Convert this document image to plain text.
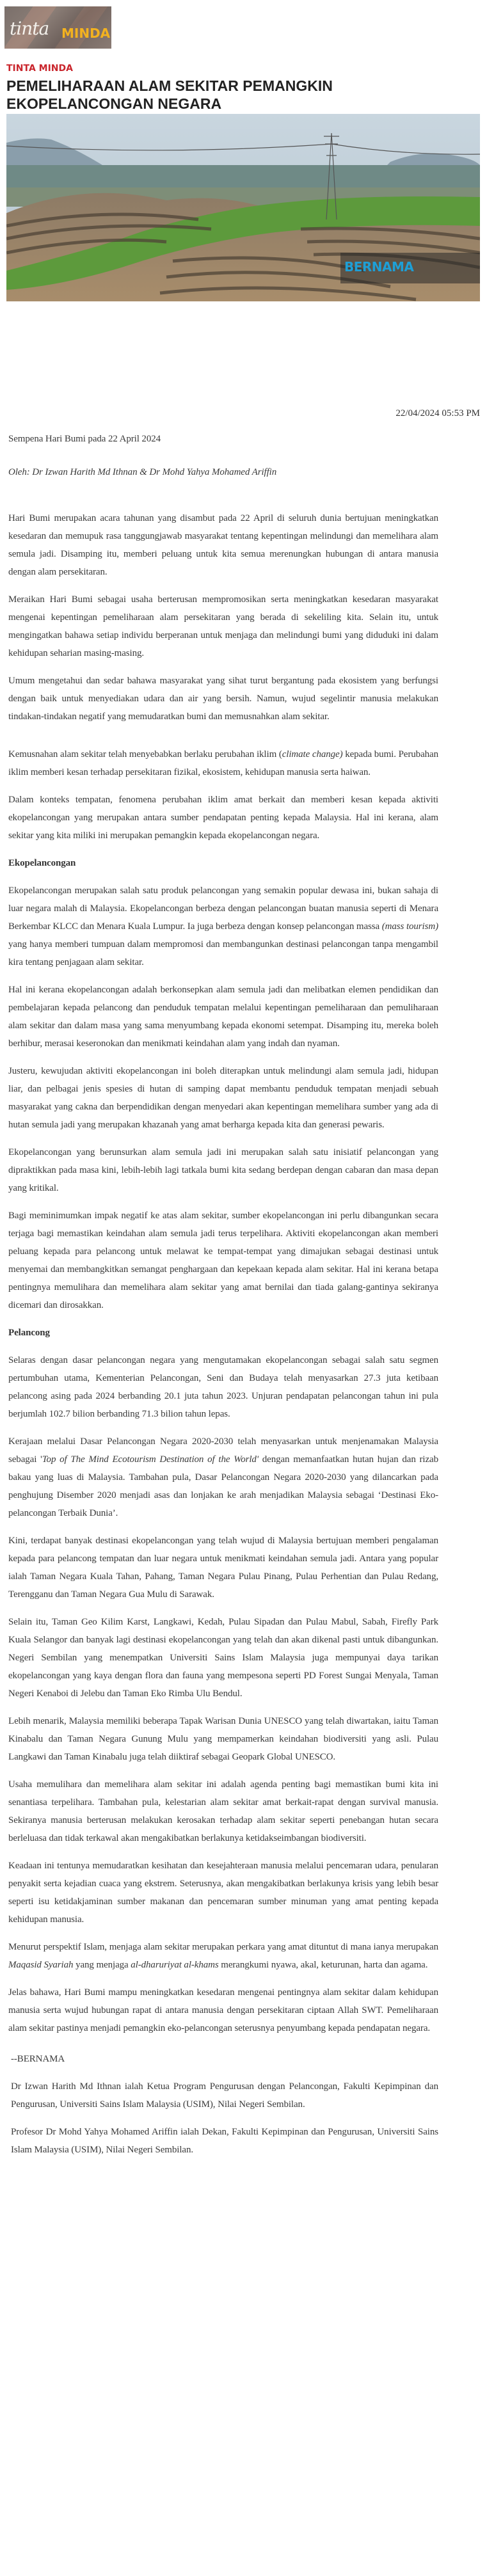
tinta MINDA
TINTA MINDA
PEMELIHARAAN ALAM SEKITAR PEMANGKIN EKOPELANCONGAN NEGARA
BERNAMA
22/04/2024 05:53 PM

Sempena Hari Bumi pada 22 April 2024

Oleh: Dr Izwan Harith Md Ithnan & Dr Mohd Yahya Mohamed Ariffin

Hari Bumi merupakan acara tahunan yang disambut pada 22 April di seluruh dunia bertujuan meningkatkan kesedaran dan memupuk rasa tanggungjawab masyarakat tentang kepentingan melindungi dan memelihara alam semula jadi. Disamping itu, memberi peluang untuk kita semua merenungkan hubungan di antara manusia dengan alam persekitaran.

Meraikan Hari Bumi sebagai usaha berterusan mempromosikan serta meningkatkan kesedaran masyarakat mengenai kepentingan pemeliharaan alam persekitaran yang berada di sekeliling kita. Selain itu, untuk mengingatkan bahawa setiap individu berperanan untuk menjaga dan melindungi bumi yang diduduki ini dalam kehidupan seharian masing-masing.

Umum mengetahui dan sedar bahawa masyarakat yang sihat turut bergantung pada ekosistem yang berfungsi dengan baik untuk menyediakan udara dan air yang bersih. Namun, wujud segelintir manusia melakukan tindakan-tindakan negatif yang memudaratkan bumi dan memusnahkan alam sekitar.

Kemusnahan alam sekitar telah menyebabkan berlaku perubahan iklim (climate change) kepada bumi. Perubahan iklim memberi kesan terhadap persekitaran fizikal, ekosistem, kehidupan manusia serta haiwan.

Dalam konteks tempatan, fenomena perubahan iklim amat berkait dan memberi kesan kepada aktiviti ekopelancongan yang merupakan antara sumber pendapatan penting kepada Malaysia. Hal ini kerana, alam sekitar yang kita miliki ini merupakan pemangkin kepada ekopelancongan negara.

Ekopelancongan

Ekopelancongan merupakan salah satu produk pelancongan yang semakin popular dewasa ini, bukan sahaja di luar negara malah di Malaysia. Ekopelancongan berbeza dengan pelancongan buatan manusia seperti di Menara Berkembar KLCC dan Menara Kuala Lumpur. Ia juga berbeza dengan konsep pelancongan massa (mass tourism) yang hanya memberi tumpuan dalam mempromosi dan membangunkan destinasi pelancongan tanpa mengambil kira tentang penjagaan alam sekitar.

Hal ini kerana ekopelancongan adalah berkonsepkan alam semula jadi dan melibatkan elemen pendidikan dan pembelajaran kepada pelancong dan penduduk tempatan melalui kepentingan pemeliharaan dan pemuliharaan alam sekitar dan dalam masa yang sama menyumbang kepada ekonomi setempat. Disamping itu, mereka boleh berhibur, merasai keseronokan dan menikmati keindahan alam yang indah dan nyaman.

Justeru, kewujudan aktiviti ekopelancongan ini boleh diterapkan untuk melindungi alam semula jadi, hidupan liar, dan pelbagai jenis spesies di hutan di samping dapat membantu penduduk tempatan menjadi sebuah masyarakat yang cakna dan berpendidikan dengan menyedari akan kepentingan memelihara sumber yang ada di hutan semula jadi yang merupakan khazanah yang amat berharga kepada kita dan generasi pewaris.

Ekopelancongan yang berunsurkan alam semula jadi ini merupakan salah satu inisiatif pelancongan yang dipraktikkan pada masa kini, lebih-lebih lagi tatkala bumi kita sedang berdepan dengan cabaran dan masa depan yang kritikal.

Bagi meminimumkan impak negatif ke atas alam sekitar, sumber ekopelancongan ini perlu dibangunkan secara terjaga bagi memastikan keindahan alam semula jadi terus terpelihara. Aktiviti ekopelancongan akan memberi peluang kepada para pelancong untuk melawat ke tempat-tempat yang dimajukan sebagai destinasi untuk menyemai dan membangkitkan semangat penghargaan dan kepekaan kepada alam sekitar. Hal ini kerana betapa pentingnya memulihara dan memelihara alam sekitar yang amat bernilai dan tiada galang-gantinya sekiranya dicemari dan dirosakkan.

Pelancong

Selaras dengan dasar pelancongan negara yang mengutamakan ekopelancongan sebagai salah satu segmen pertumbuhan utama, Kementerian Pelancongan, Seni dan Budaya telah menyasarkan 27.3 juta ketibaan pelancong asing pada 2024 berbanding 20.1 juta tahun 2023. Unjuran pendapatan pelancongan tahun ini pula berjumlah 102.7 bilion berbanding 71.3 bilion tahun lepas.

Kerajaan melalui Dasar Pelancongan Negara 2020-2030 telah menyasarkan untuk menjenamakan Malaysia sebagai 'Top of The Mind Ecotourism Destination of the World' dengan memanfaatkan hutan hujan dan rizab bakau yang luas di Malaysia. Tambahan pula, Dasar Pelancongan Negara 2020-2030 yang dilancarkan pada penghujung Disember 2020 menjadi asas dan lonjakan ke arah menjadikan Malaysia sebagai ‘Destinasi Eko-pelancongan Terbaik Dunia’.

Kini, terdapat banyak destinasi ekopelancongan yang telah wujud di Malaysia bertujuan memberi pengalaman kepada para pelancong tempatan dan luar negara untuk menikmati keindahan semula jadi. Antara yang popular ialah Taman Negara Kuala Tahan, Pahang, Taman Negara Pulau Pinang, Pulau Perhentian dan Pulau Redang, Terengganu dan Taman Negara Gua Mulu di Sarawak.

Selain itu, Taman Geo Kilim Karst, Langkawi, Kedah, Pulau Sipadan dan Pulau Mabul, Sabah, Firefly Park Kuala Selangor dan banyak lagi destinasi ekopelancongan yang telah dan akan dikenal pasti untuk dibangunkan. Negeri Sembilan yang menempatkan Universiti Sains Islam Malaysia juga mempunyai daya tarikan ekopelancongan yang kaya dengan flora dan fauna yang mempesona seperti PD Forest Sungai Menyala, Taman Negeri Kenaboi di Jelebu dan Taman Eko Rimba Ulu Bendul.

Lebih menarik, Malaysia memiliki beberapa Tapak Warisan Dunia UNESCO yang telah diwartakan, iaitu Taman Kinabalu dan Taman Negara Gunung Mulu yang mempamerkan keindahan biodiversiti yang asli. Pulau Langkawi dan Taman Kinabalu juga telah diiktiraf sebagai Geopark Global UNESCO.

Usaha memulihara dan memelihara alam sekitar ini adalah agenda penting bagi memastikan bumi kita ini senantiasa terpelihara. Tambahan pula, kelestarian alam sekitar amat berkait-rapat dengan survival manusia. Sekiranya manusia berterusan melakukan kerosakan terhadap alam sekitar seperti penebangan hutan secara berleluasa dan tidak terkawal akan mengakibatkan berlakunya ketidakseimbangan biodiversiti.

Keadaan ini tentunya memudaratkan kesihatan dan kesejahteraan manusia melalui pencemaran udara, penularan penyakit serta kejadian cuaca yang ekstrem. Seterusnya, akan mengakibatkan berlakunya krisis yang lebih besar seperti isu ketidakjaminan sumber makanan dan pencemaran sumber minuman yang amat penting kepada kehidupan manusia.

Menurut perspektif Islam, menjaga alam sekitar merupakan perkara yang amat dituntut di mana ianya merupakan Maqasid Syariah yang menjaga al-dharuriyat al-khams merangkumi nyawa, akal, keturunan, harta dan agama.

Jelas bahawa, Hari Bumi mampu meningkatkan kesedaran mengenai pentingnya alam sekitar dalam kehidupan manusia serta wujud hubungan rapat di antara manusia dengan persekitaran ciptaan Allah SWT. Pemeliharaan alam sekitar pastinya menjadi pemangkin eko-pelancongan seterusnya penyumbang kepada pendapatan negara.

--BERNAMA

Dr Izwan Harith Md Ithnan ialah Ketua Program Pengurusan dengan Pelancongan, Fakulti Kepimpinan dan Pengurusan, Universiti Sains Islam Malaysia (USIM), Nilai Negeri Sembilan.

Profesor Dr Mohd Yahya Mohamed Ariffin ialah Dekan, Fakulti Kepimpinan dan Pengurusan, Universiti Sains Islam Malaysia (USIM), Nilai Negeri Sembilan.
